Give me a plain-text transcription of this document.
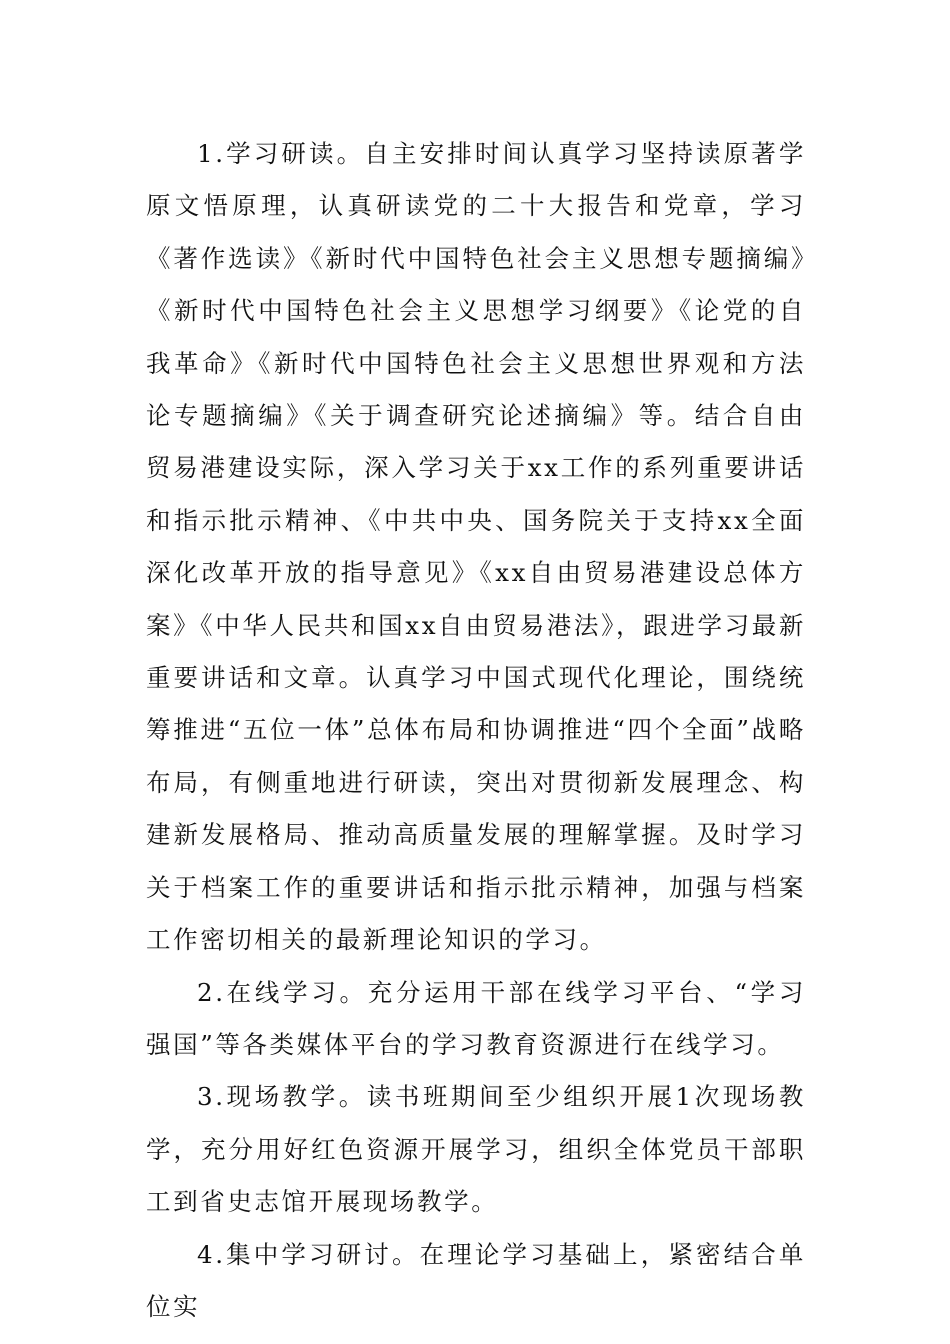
1.学习研读。自主安排时间认真学习坚持读原著学原文悟原理，认真研读党的二十大报告和党章，学习《著作选读》《新时代中国特色社会主义思想专题摘编》《新时代中国特色社会主义思想学习纲要》《论党的自我革命》《新时代中国特色社会主义思想世界观和方法论专题摘编》《关于调查研究论述摘编》等。结合自由贸易港建设实际，深入学习关于xx工作的系列重要讲话和指示批示精神、《中共中央、国务院关于支持xx全面深化改革开放的指导意见》《xx自由贸易港建设总体方案》《中华人民共和国xx自由贸易港法》，跟进学习最新重要讲话和文章。认真学习中国式现代化理论，围绕统筹推进“五位一体”总体布局和协调推进“四个全面”战略布局，有侧重地进行研读，突出对贯彻新发展理念、构建新发展格局、推动高质量发展的理解掌握。及时学习关于档案工作的重要讲话和指示批示精神，加强与档案工作密切相关的最新理论知识的学习。

2.在线学习。充分运用干部在线学习平台、“学习强国”等各类媒体平台的学习教育资源进行在线学习。

3.现场教学。读书班期间至少组织开展1次现场教学，充分用好红色资源开展学习，组织全体党员干部职工到省史志馆开展现场教学。

4.集中学习研讨。在理论学习基础上，紧密结合单位实
